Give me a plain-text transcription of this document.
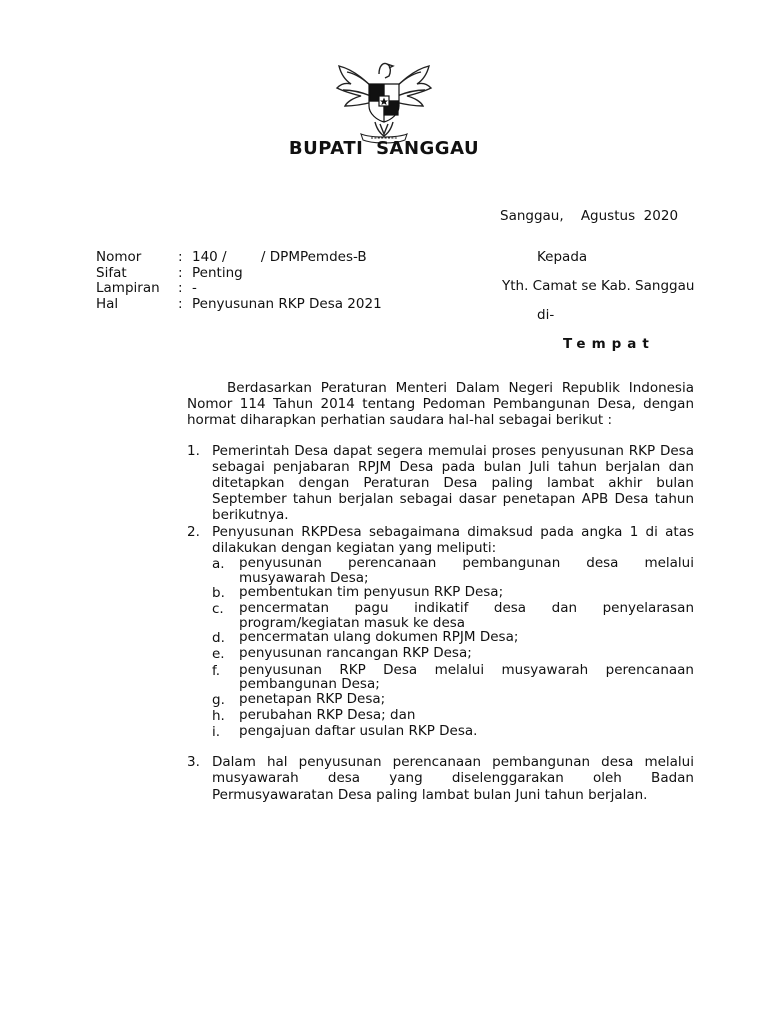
BUPATI SANGGAU
Sanggau,    Agustus  2020
Nomor	: 140 /        / DPMPemdes-B
Sifat	: Penting
Lampiran	: -
Hal	: Penyusunan RKP Desa 2021
Kepada
Yth. Camat se Kab. Sanggau
di-
Tempat

Berdasarkan Peraturan Menteri Dalam Negeri Republik Indonesia Nomor 114 Tahun 2014 tentang Pedoman Pembangunan Desa, dengan hormat diharapkan perhatian saudara hal-hal sebagai berikut :

1. Pemerintah Desa dapat segera memulai proses penyusunan RKP Desa sebagai penjabaran RPJM Desa pada bulan Juli tahun berjalan dan ditetapkan dengan Peraturan Desa paling lambat akhir bulan September tahun berjalan sebagai dasar penetapan APB Desa tahun berikutnya.
2. Penyusunan RKPDesa sebagaimana dimaksud pada angka 1 di atas dilakukan dengan kegiatan yang meliputi:
a.	penyusunan perencanaan pembangunan desa melalui musyawarah Desa;
b.	pembentukan tim penyusun RKP Desa;
c.	pencermatan pagu indikatif desa dan penyelarasan program/kegiatan masuk ke desa
d.	pencermatan ulang dokumen RPJM Desa;
e.	penyusunan rancangan RKP Desa;
f.	penyusunan RKP Desa melalui musyawarah perencanaan pembangunan Desa;
g.	penetapan RKP Desa;
h.	perubahan RKP Desa; dan
i.	pengajuan daftar usulan RKP Desa.
3. Dalam hal penyusunan perencanaan pembangunan desa melalui musyawarah desa yang diselenggarakan oleh Badan Permusyawaratan Desa paling lambat bulan Juni tahun berjalan.
